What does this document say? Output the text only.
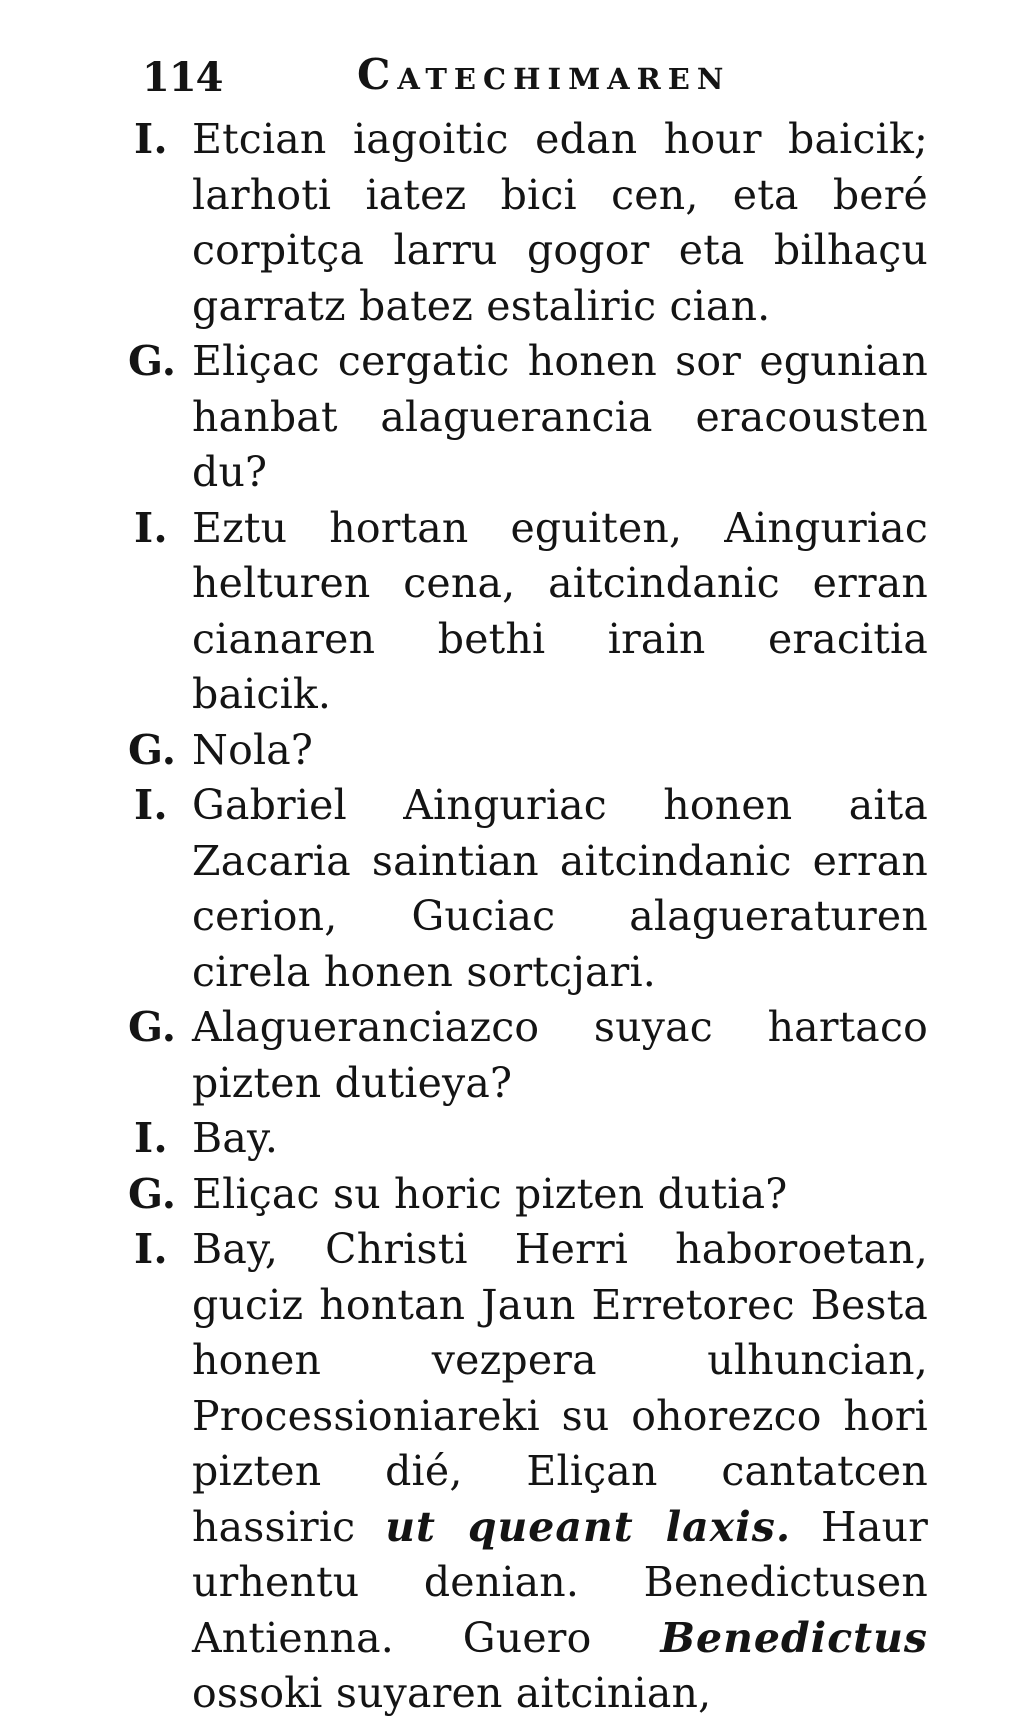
114	Catechimaren
I. Etcian iagoitic edan hour baicik; larhoti iatez bici cen, eta beré corpitça larru gogor eta bilhaçu garratz batez estaliric cian.
G. Eliçac cergatic honen sor egunian hanbat alaguerancia eracousten du?
I. Eztu hortan eguiten, Ainguriac helturen cena, aitcindanic erran cianaren bethi irain eracitia baicik.
G. Nola?
I. Gabriel Ainguriac honen aita Zacaria saintian aitcindanic erran cerion, Guciac alagueraturen cirela honen sortcjari.
G. Alagueranciazco suyac hartaco pizten dutieya?
I. Bay.
G. Eliçac su horic pizten dutia?
I. Bay, Christi Herri haboroetan, guciz hontan Jaun Erretorec Besta honen vezpera ulhuncian, Processioniareki su ohorezco hori pizten dié, Eliçan cantatcen hassiric ut queant laxis. Haur urhentu denian. Benedictusen Antienna. Guero Benedictus ossoki suyaren aitcinian,
